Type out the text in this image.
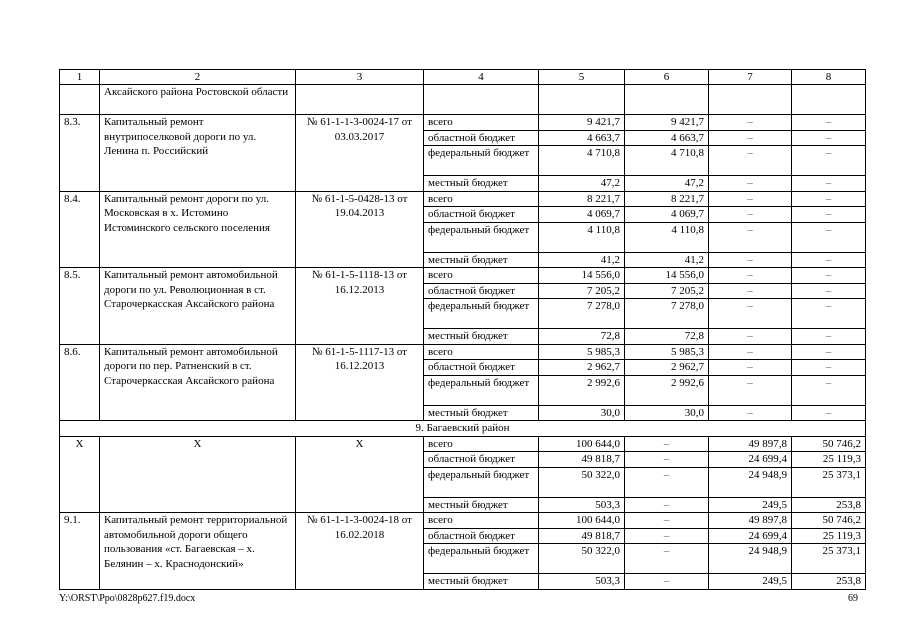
1	2	3	4	5	6	7	8
	Аксайского района Ростовской области						
8.3.	Капитальный ремонт внутрипоселковой дороги по ул. Ленина п. Российский	№ 61-1-1-3-0024-17 от 03.03.2017	всего	9 421,7	9 421,7	–	–
			областной бюджет	4 663,7	4 663,7	–	–
			федеральный бюджет	4 710,8	4 710,8	–	–
			местный бюджет	47,2	47,2	–	–
8.4.	Капитальный ремонт дороги по ул. Московская в х. Истомино Истоминского сельского поселения	№ 61-1-5-0428-13 от 19.04.2013	всего	8 221,7	8 221,7	–	–
			областной бюджет	4 069,7	4 069,7	–	–
			федеральный бюджет	4 110,8	4 110,8	–	–
			местный бюджет	41,2	41,2	–	–
8.5.	Капитальный ремонт автомобильной дороги по ул. Революционная в ст. Старочеркасская Аксайского района	№ 61-1-5-1118-13 от 16.12.2013	всего	14 556,0	14 556,0	–	–
			областной бюджет	7 205,2	7 205,2	–	–
			федеральный бюджет	7 278,0	7 278,0	–	–
			местный бюджет	72,8	72,8	–	–
8.6.	Капитальный ремонт автомобильной дороги по пер. Ратненский в ст. Старочеркасская Аксайского района	№ 61-1-5-1117-13 от 16.12.2013	всего	5 985,3	5 985,3	–	–
			областной бюджет	2 962,7	2 962,7	–	–
			федеральный бюджет	2 992,6	2 992,6	–	–
			местный бюджет	30,0	30,0	–	–
9. Багаевский район							
X	X	X	всего	100 644,0	–	49 897,8	50 746,2
			областной бюджет	49 818,7	–	24 699,4	25 119,3
			федеральный бюджет	50 322,0	–	24 948,9	25 373,1
			местный бюджет	503,3	–	249,5	253,8
9.1.	Капитальный ремонт территориальной автомобильной дороги общего пользования «ст. Багаевская – х. Белянин – х. Краснодонский»	№ 61-1-1-3-0024-18 от 16.02.2018	всего	100 644,0	–	49 897,8	50 746,2
			областной бюджет	49 818,7	–	24 699,4	25 119,3
			федеральный бюджет	50 322,0	–	24 948,9	25 373,1
			местный бюджет	503,3	–	249,5	253,8
Y:\ORST\Ppo\0828p627.f19.docx	69
